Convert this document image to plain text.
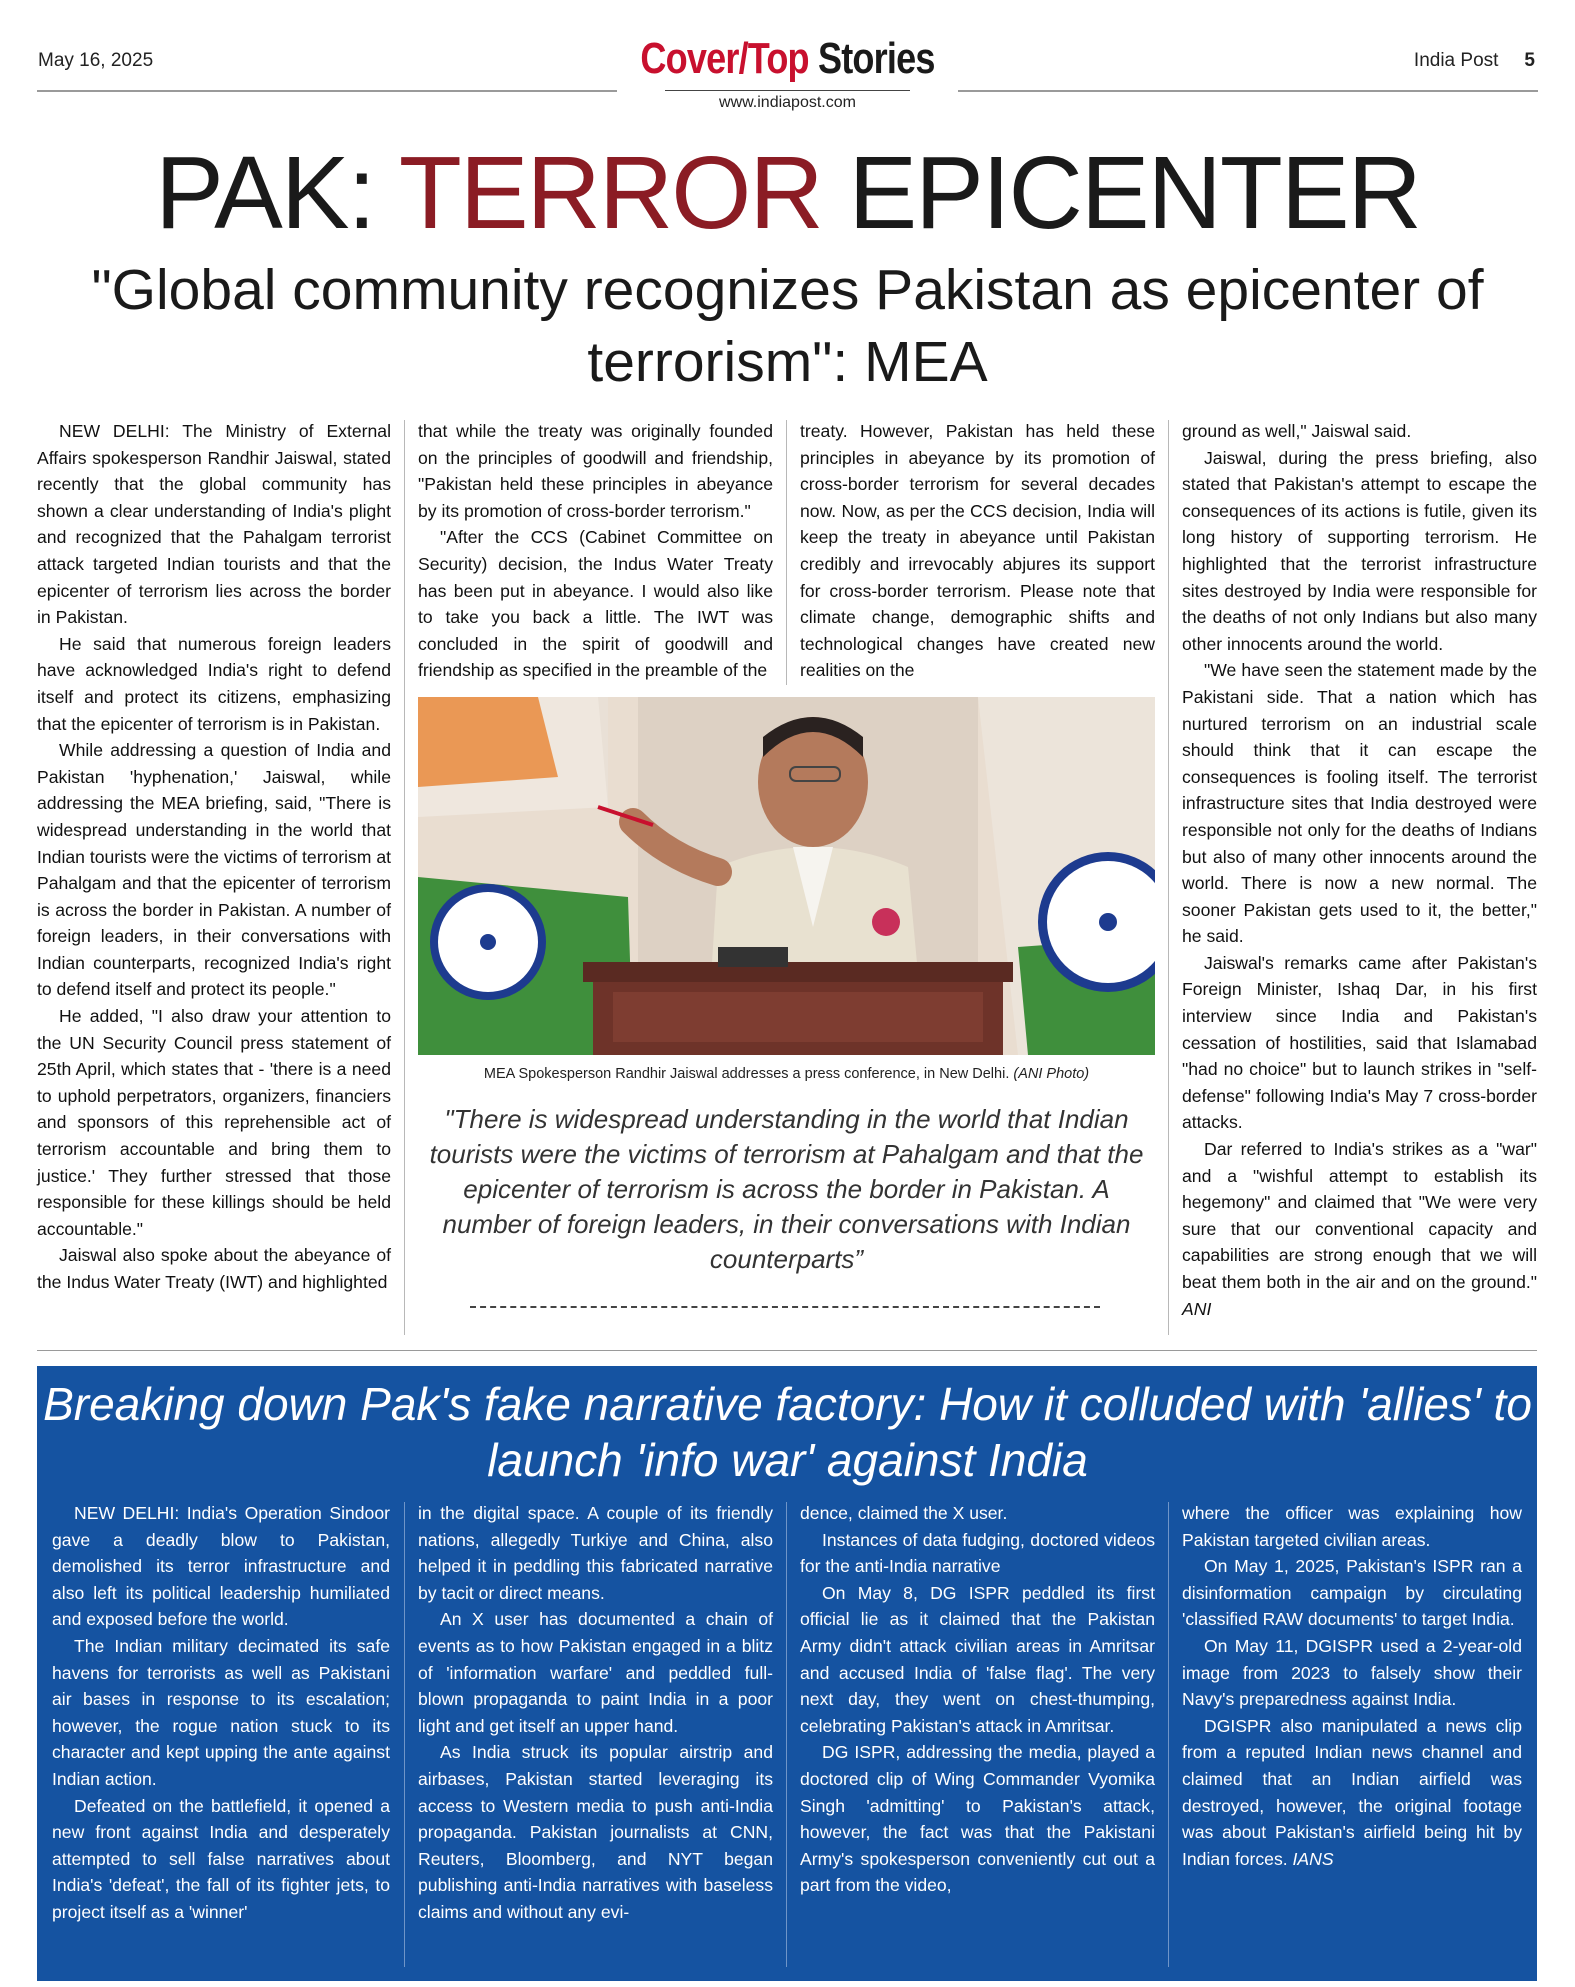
May 16, 2025	Cover/Top Stories	India Post 5
www.indiapost.com
PAK: TERROR EPICENTER
"Global community recognizes Pakistan as epicenter of terrorism": MEA

NEW DELHI: The Ministry of External Affairs spokesperson Randhir Jaiswal, stated recently that the global community has shown a clear understanding of India's plight and recognized that the Pahalgam terrorist attack targeted Indian tourists and that the epicenter of terrorism lies across the border in Pakistan.

He said that numerous foreign leaders have acknowledged India's right to defend itself and protect its citizens, emphasizing that the epicenter of terrorism is in Pakistan.

While addressing a question of India and Pakistan 'hyphenation,' Jaiswal, while addressing the MEA briefing, said, "There is widespread understanding in the world that Indian tourists were the victims of terrorism at Pahalgam and that the epicenter of terrorism is across the border in Pakistan. A number of foreign leaders, in their conversations with Indian counterparts, recognized India's right to defend itself and protect its people."

He added, "I also draw your attention to the UN Security Council press statement of 25th April, which states that - 'there is a need to uphold perpetrators, organizers, financiers and sponsors of this reprehensible act of terrorism accountable and bring them to justice.' They further stressed that those responsible for these killings should be held accountable."

Jaiswal also spoke about the abeyance of the Indus Water Treaty (IWT) and highlighted

that while the treaty was originally founded on the principles of goodwill and friendship, "Pakistan held these principles in abeyance by its promotion of cross-border terrorism."

"After the CCS (Cabinet Committee on Security) decision, the Indus Water Treaty has been put in abeyance. I would also like to take you back a little. The IWT was concluded in the spirit of goodwill and friendship as specified in the preamble of the

treaty. However, Pakistan has held these principles in abeyance by its promotion of cross-border terrorism for several decades now. Now, as per the CCS decision, India will keep the treaty in abeyance until Pakistan credibly and irrevocably abjures its support for cross-border terrorism. Please note that climate change, demographic shifts and technological changes have created new realities on the

ground as well," Jaiswal said.

Jaiswal, during the press briefing, also stated that Pakistan's attempt to escape the consequences of its actions is futile, given its long history of supporting terrorism. He highlighted that the terrorist infrastructure sites destroyed by India were responsible for the deaths of not only Indians but also many other innocents around the world.

"We have seen the statement made by the Pakistani side. That a nation which has nurtured terrorism on an industrial scale should think that it can escape the consequences is fooling itself. The terrorist infrastructure sites that India destroyed were responsible not only for the deaths of Indians but also of many other innocents around the world. There is now a new normal. The sooner Pakistan gets used to it, the better," he said.

Jaiswal's remarks came after Pakistan's Foreign Minister, Ishaq Dar, in his first interview since India and Pakistan's cessation of hostilities, said that Islamabad "had no choice" but to launch strikes in "self-defense" following India's May 7 cross-border attacks.

Dar referred to India's strikes as a "war" and a "wishful attempt to establish its hegemony" and claimed that "We were very sure that our conventional capacity and capabilities are strong enough that we will beat them both in the air and on the ground." ANI

MEA Spokesperson Randhir Jaiswal addresses a press conference, in New Delhi. (ANI Photo)
"There is widespread understanding in the world that Indian tourists were the victims of terrorism at Pahalgam and that the epicenter of terrorism is across the border in Pakistan. A number of foreign leaders, in their conversations with Indian counterparts”
Breaking down Pak's fake narrative factory: How it colluded with 'allies' to launch 'info war' against India

NEW DELHI: India's Operation Sindoor gave a deadly blow to Pakistan, demolished its terror infrastructure and also left its political leadership humiliated and exposed before the world.

The Indian military decimated its safe havens for terrorists as well as Pakistani air bases in response to its escalation; however, the rogue nation stuck to its character and kept upping the ante against Indian action.

Defeated on the battlefield, it opened a new front against India and desperately attempted to sell false narratives about India's 'defeat', the fall of its fighter jets, to project itself as a 'winner'

in the digital space. A couple of its friendly nations, allegedly Turkiye and China, also helped it in peddling this fabricated narrative by tacit or direct means.

An X user has documented a chain of events as to how Pakistan engaged in a blitz of 'information warfare' and peddled full-blown propaganda to paint India in a poor light and get itself an upper hand.

As India struck its popular airstrip and airbases, Pakistan started leveraging its access to Western media to push anti-India propaganda. Pakistan journalists at CNN, Reuters, Bloomberg, and NYT began publishing anti-India narratives with baseless claims and without any evi-

dence, claimed the X user.

Instances of data fudging, doctored videos for the anti-India narrative

On May 8, DG ISPR peddled its first official lie as it claimed that the Pakistan Army didn't attack civilian areas in Amritsar and accused India of 'false flag'. The very next day, they went on chest-thumping, celebrating Pakistan's attack in Amritsar.

DG ISPR, addressing the media, played a doctored clip of Wing Commander Vyomika Singh 'admitting' to Pakistan's attack, however, the fact was that the Pakistani Army's spokesperson conveniently cut out a part from the video,

where the officer was explaining how Pakistan targeted civilian areas.

On May 1, 2025, Pakistan's ISPR ran a disinformation campaign by circulating 'classified RAW documents' to target India.

On May 11, DGISPR used a 2-year-old image from 2023 to falsely show their Navy's preparedness against India.

DGISPR also manipulated a news clip from a reputed Indian news channel and claimed that an Indian airfield was destroyed, however, the original footage was about Pakistan's airfield being hit by Indian forces. IANS
